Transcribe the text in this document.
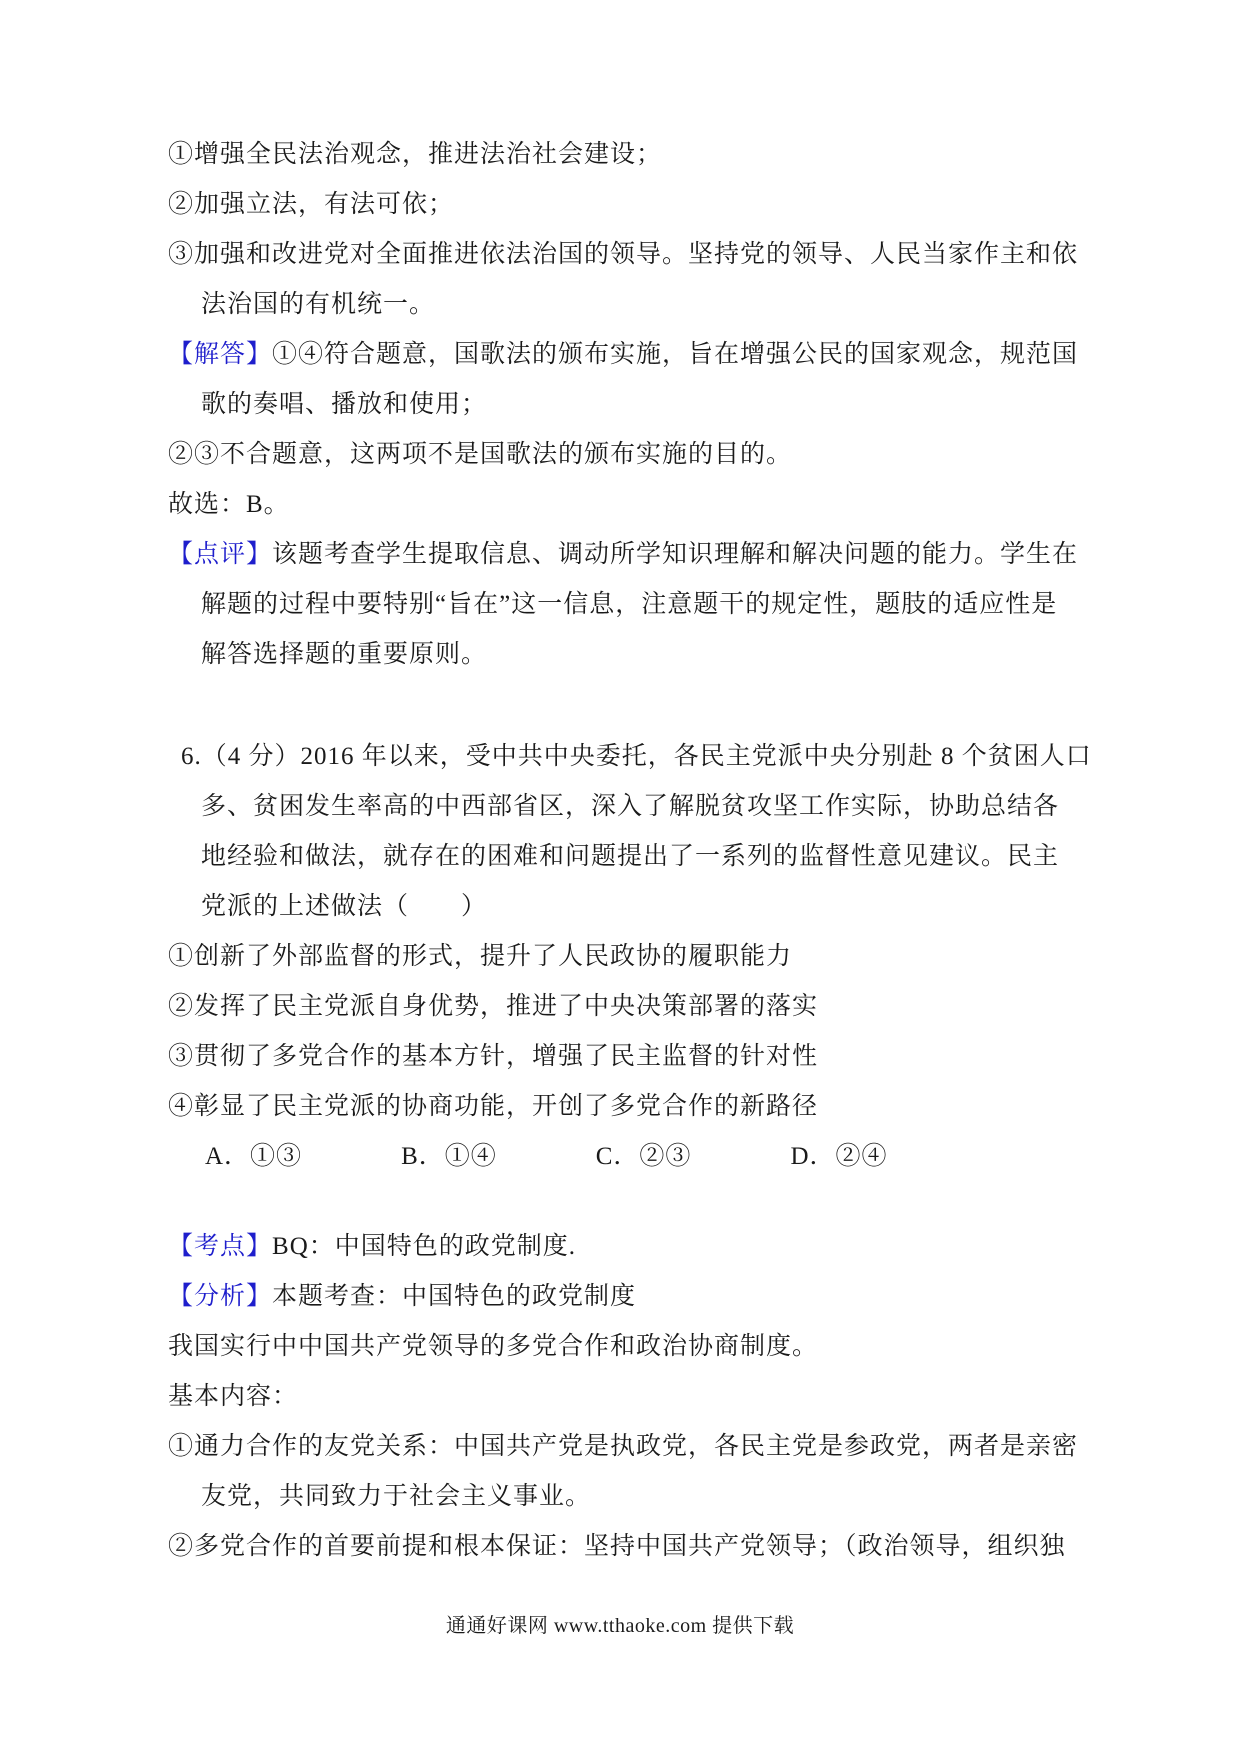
①增强全民法治观念，推进法治社会建设；
②加强立法，有法可依；
③加强和改进党对全面推进依法治国的领导。坚持党的领导、人民当家作主和依
法治国的有机统一。
【解答】①④符合题意，国歌法的颁布实施，旨在增强公民的国家观念，规范国
歌的奏唱、播放和使用；
②③不合题意，这两项不是国歌法的颁布实施的目的。
故选：B。
【点评】该题考查学生提取信息、调动所学知识理解和解决问题的能力。学生在
解题的过程中要特别“旨在”这一信息，注意题干的规定性，题肢的适应性是
解答选择题的重要原则。
6.（4 分）2016 年以来，受中共中央委托，各民主党派中央分别赴 8 个贫困人口
多、贫困发生率高的中西部省区，深入了解脱贫攻坚工作实际，协助总结各
地经验和做法，就存在的困难和问题提出了一系列的监督性意见建议。民主
党派的上述做法（　　）
①创新了外部监督的形式，提升了人民政协的履职能力
②发挥了民主党派自身优势，推进了中央决策部署的落实
③贯彻了多党合作的基本方针，增强了民主监督的针对性
④彰显了民主党派的协商功能，开创了多党合作的新路径
A．①③	B．①④	C．②③	D．②④
【考点】BQ：中国特色的政党制度.
【分析】本题考查：中国特色的政党制度
我国实行中中国共产党领导的多党合作和政治协商制度。
基本内容：
①通力合作的友党关系：中国共产党是执政党，各民主党是参政党，两者是亲密
友党，共同致力于社会主义事业。
②多党合作的首要前提和根本保证：坚持中国共产党领导；（政治领导，组织独
通通好课网 www.tthaoke.com 提供下载
